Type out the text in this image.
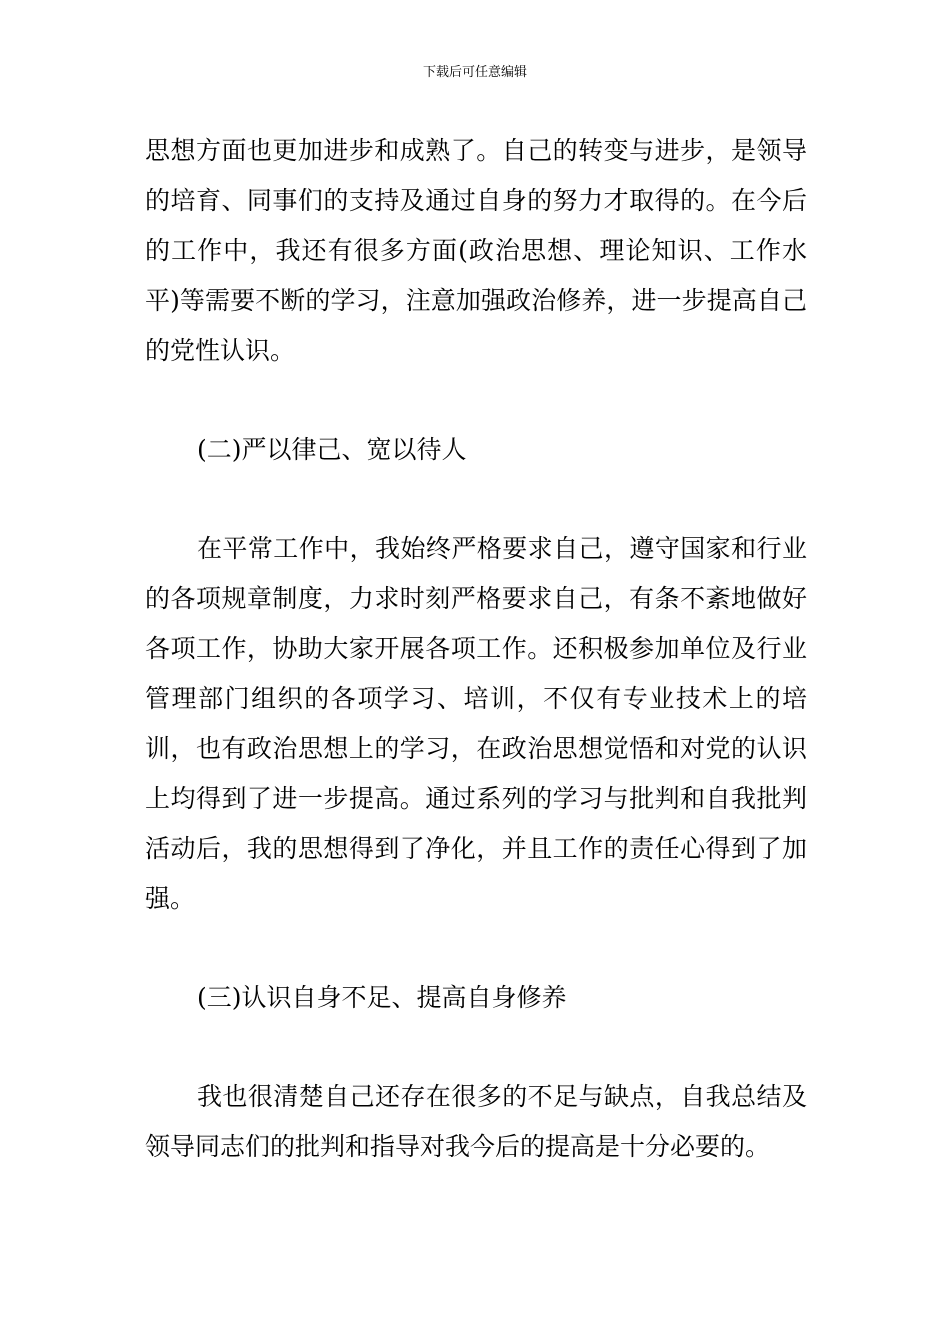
下载后可任意编辑

思想方面也更加进步和成熟了。自己的转变与进步，是领导的培育、同事们的支持及通过自身的努力才取得的。在今后的工作中，我还有很多方面(政治思想、理论知识、工作水平)等需要不断的学习，注意加强政治修养，进一步提高自己的党性认识。

(二)严以律己、宽以待人

在平常工作中，我始终严格要求自己，遵守国家和行业的各项规章制度，力求时刻严格要求自己，有条不紊地做好各项工作，协助大家开展各项工作。还积极参加单位及行业管理部门组织的各项学习、培训，不仅有专业技术上的培训，也有政治思想上的学习，在政治思想觉悟和对党的认识上均得到了进一步提高。通过系列的学习与批判和自我批判活动后，我的思想得到了净化，并且工作的责任心得到了加强。

(三)认识自身不足、提高自身修养

我也很清楚自己还存在很多的不足与缺点，自我总结及领导同志们的批判和指导对我今后的提高是十分必要的。
